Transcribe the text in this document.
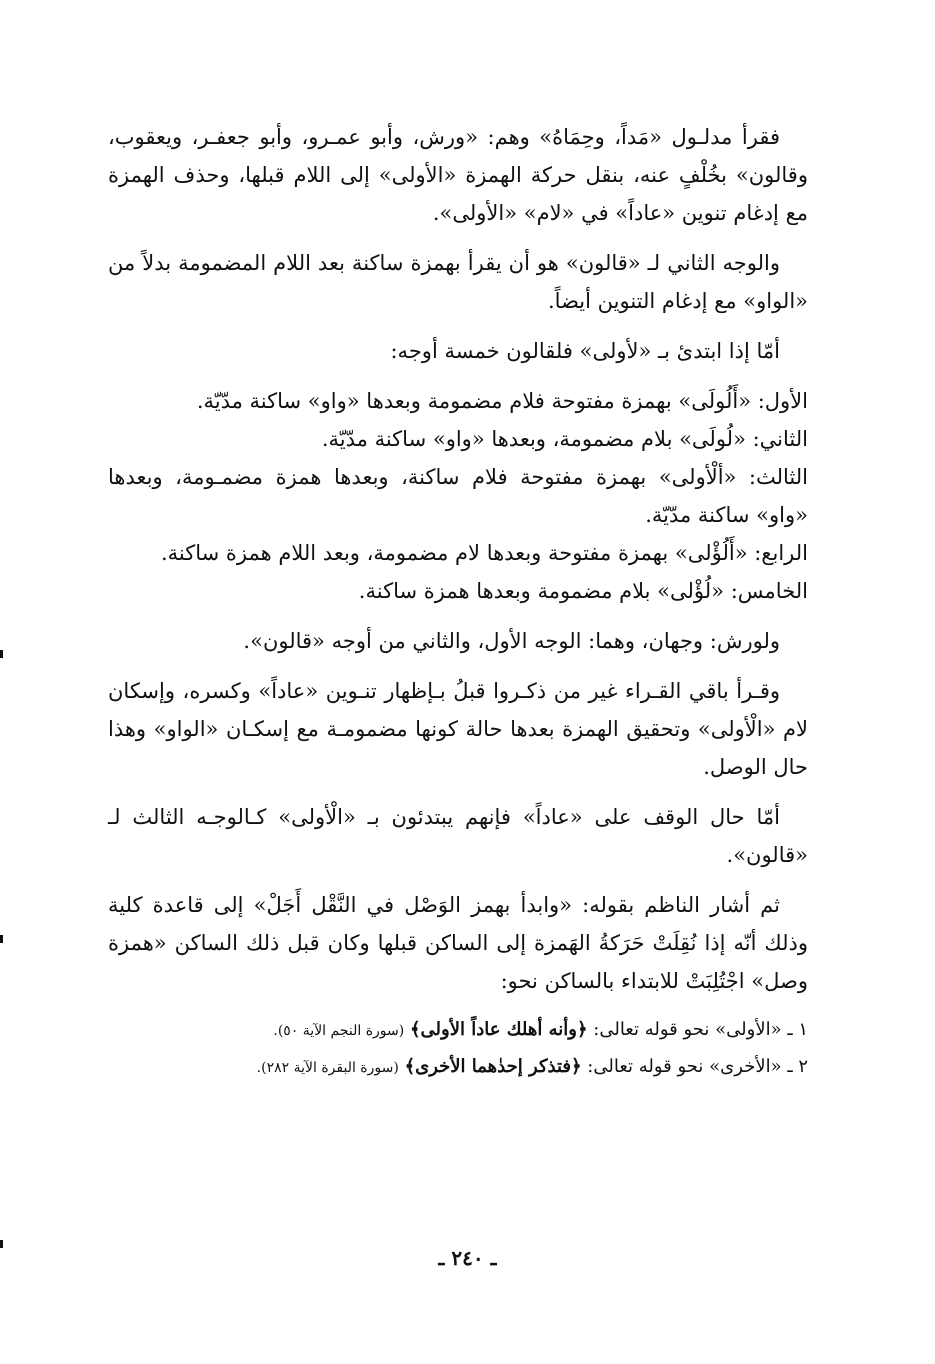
فقرأ مدلـول «مَداً، وحِمَاهُ» وهم: «ورش، وأبو عمـرو، وأبو جعفـر، ويعقوب، وقالون» بخُلْفٍ عنه، بنقل حركة الهمزة «الأولى» إلى اللام قبلها، وحذف الهمزة مع إدغام تنوين «عاداً» في «لام» «الأولى».

والوجه الثاني لـ «قالون» هو أن يقرأ بهمزة ساكنة بعد اللام المضمومة بدلاً من «الواو» مع إدغام التنوين أيضاً.

أمّا إذا ابتدئ بـ «لأولى» فلقالون خمسة أوجه:

الأول: «أَلُولَى» بهمزة مفتوحة فلام مضمومة وبعدها «واو» ساكنة مدّيّة.

الثاني: «لُولَى» بلام مضمومة، وبعدها «واو» ساكنة مدّيّة.

الثالث: «ألْأولى» بهمزة مفتوحة فلام ساكنة، وبعدها همزة مضمـومة، وبعدها «واو» ساكنة مدّيّة.

الرابع: «أَلُؤْلى» بهمزة مفتوحة وبعدها لام مضمومة، وبعد اللام همزة ساكنة.

الخامس: «لُؤْلى» بلام مضمومة وبعدها همزة ساكنة.

ولورش: وجهان، وهما: الوجه الأول، والثاني من أوجه «قالون».

وقـرأ باقي القـراء غير من ذكـروا قبلُ بـإظهار تنـوين «عاداً» وكسره، وإسكان لام «الْأولى» وتحقيق الهمزة بعدها حالة كونها مضمومـة مع إسكـان «الواو» وهذا حال الوصل.

أمّا حال الوقف على «عاداً» فإنهم يبتدئون بـ «الْأولى» كـالوجـه الثالث لـ «قالون».

ثم أشار الناظم بقوله: «وابدأ بهمز الوَصْل في النَّقْل أَجَلْ» إلى قاعدة كلية وذلك أنّه إذا نُقِلَتْ حَرَكةُ الهَمزة إلى الساكن قبلها وكان قبل ذلك الساكن «همزة وصل» اجْتُلِبَتْ للابتداء بالساكن نحو:

١ ـ «الأولى» نحو قوله تعالى: ﴿وأنه أهلك عاداً الأولى﴾ (سورة النجم الآية ٥٠).

٢ ـ «الأخرى» نحو قوله تعالى: ﴿فتذكر إحدٰهما الأخرى﴾ (سورة البقرة الآية ٢٨٢).

ـ ٢٤٠ ـ
